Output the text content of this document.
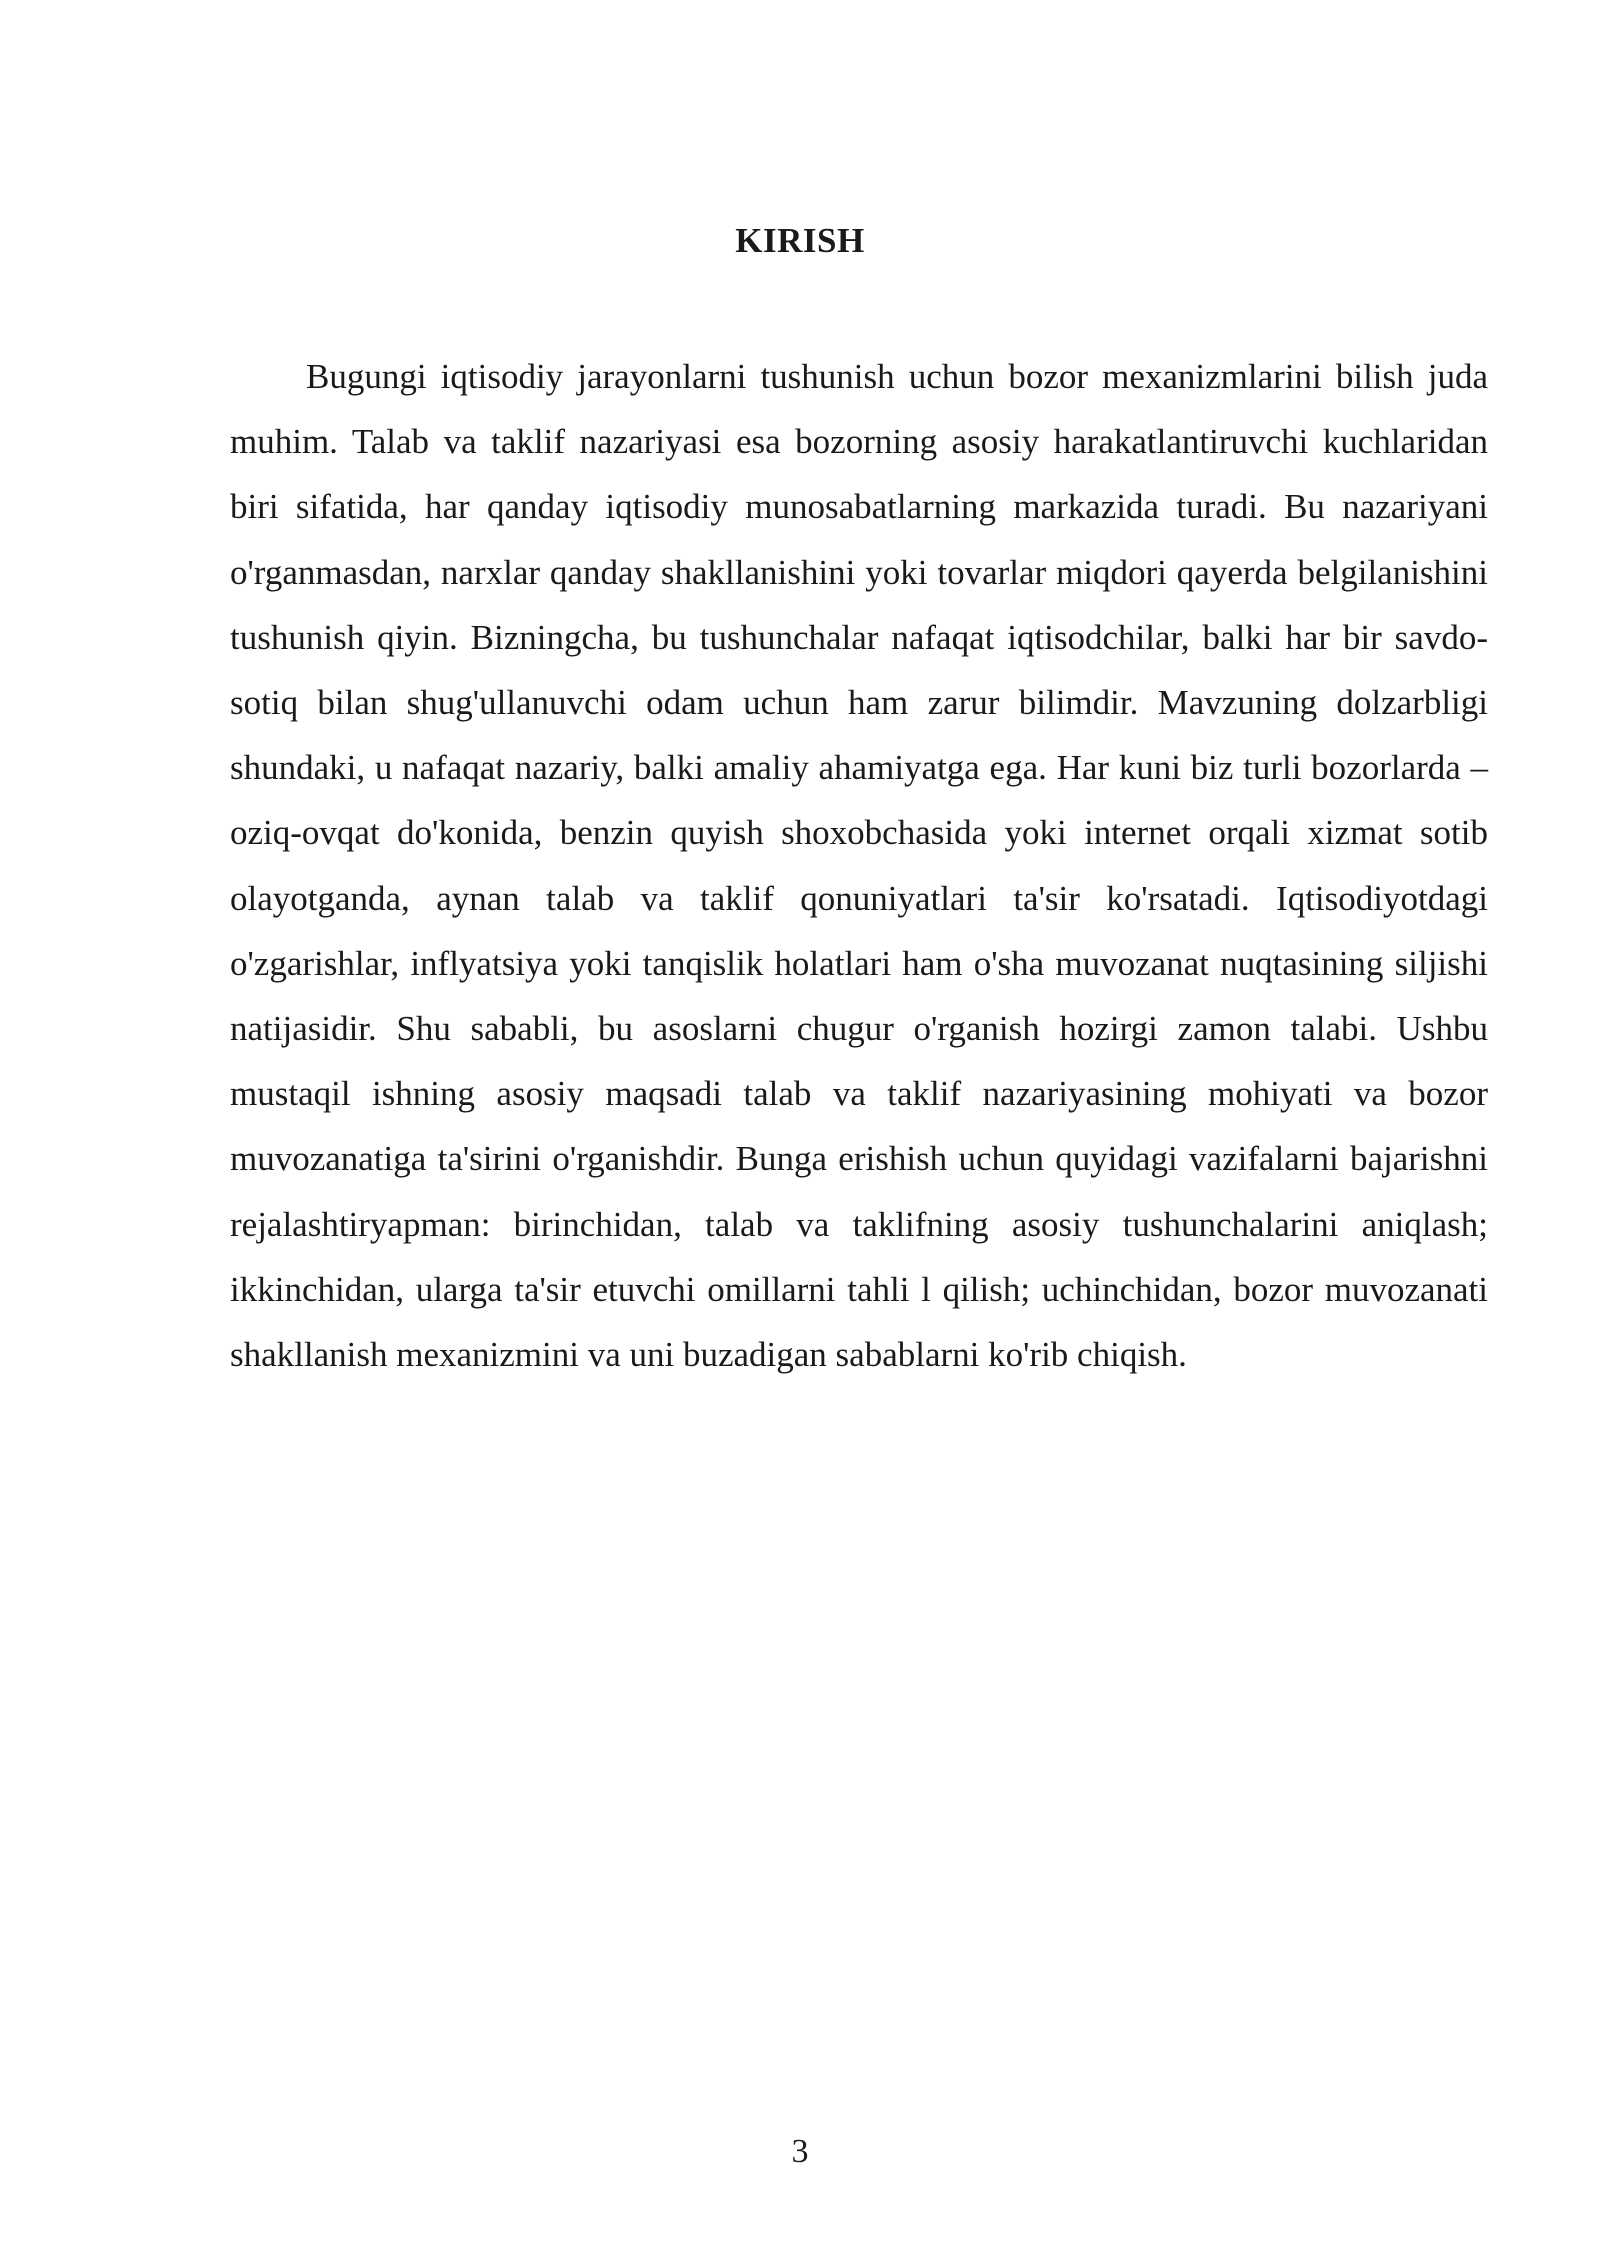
KIRISH

Bugungi iqtisodiy jarayonlarni tushunish uchun bozor mexanizmlarini bilish juda muhim. Talab va taklif nazariyasi esa bozorning asosiy harakatlantiruvchi kuchlaridan biri sifatida, har qanday iqtisodiy munosabatlarning markazida turadi. Bu nazariyani o'rganmasdan, narxlar qanday shakllanishini yoki tovarlar miqdori qayerda belgilanishini tushunish qiyin. Bizningcha, bu tushunchalar nafaqat iqtisodchilar, balki har bir savdo-sotiq bilan shug'ullanuvchi odam uchun ham zarur bilimdir. Mavzuning dolzarbligi shundaki, u nafaqat nazariy, balki amaliy ahamiyatga ega. Har kuni biz turli bozorlarda – oziq-ovqat do'konida, benzin quyish shoxobchasida yoki internet orqali xizmat sotib olayotganda, aynan talab va taklif qonuniyatlari ta'sir ko'rsatadi. Iqtisodiyotdagi o'zgarishlar, inflyatsiya yoki tanqislik holatlari ham o'sha muvozanat nuqtasining siljishi natijasidir. Shu sababli, bu asoslarni chugur o'rganish hozirgi zamon talabi. Ushbu mustaqil ishning asosiy maqsadi talab va taklif nazariyasining mohiyati va bozor muvozanatiga ta'sirini o'rganishdir. Bunga erishish uchun quyidagi vazifalarni bajarishni rejalashtiryapman: birinchidan, talab va taklifning asosiy tushunchalarini aniqlash; ikkinchidan, ularga ta'sir etuvchi omillarni tahli l qilish; uchinchidan, bozor muvozanati shakllanish mexanizmini va uni buzadigan sabablarni ko'rib chiqish.

3
